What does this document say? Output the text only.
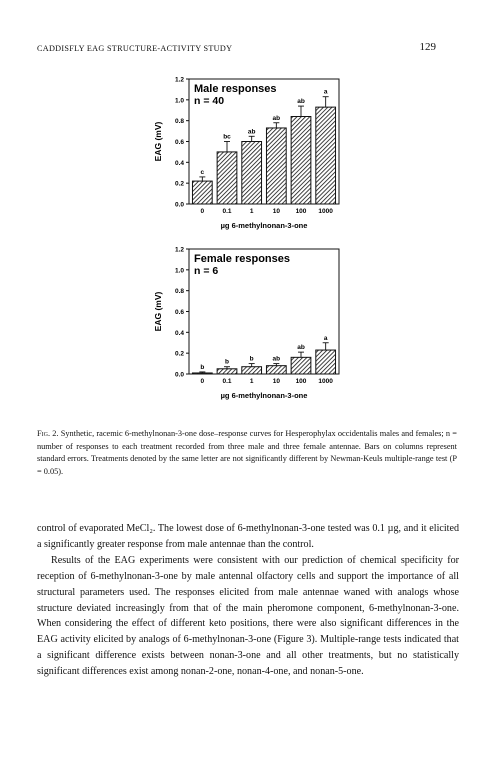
CADDISFLY EAG STRUCTURE-ACTIVITY STUDY	129
0.0
0.2
0.4
0.6
0.8
1.0
1.2
EAG (mV)
c
0
bc
0.1
ab
1
ab
10
ab
100
a
1000
µg 6-methylnonan-3-one
Male responses
n = 40
0.0
0.2
0.4
0.6
0.8
1.0
1.2
EAG (mV)
b
0
b
0.1
b
1
ab
10
ab
100
a
1000
µg 6-methylnonan-3-one
Female responses
n = 6
Fig. 2. Synthetic, racemic 6-methylnonan-3-one dose–response curves for Hesperophylax occidentalis males and females; n = number of responses to each treatment recorded from three male and three female antennae. Bars on columns represent standard errors. Treatments denoted by the same letter are not significantly different by Newman-Keuls multiple-range test (P = 0.05).

control of evaporated MeCl₂. The lowest dose of 6-methylnonan-3-one tested was 0.1 µg, and it elicited a significantly greater response from male antennae than the control.

Results of the EAG experiments were consistent with our prediction of chemical specificity for reception of 6-methylnonan-3-one by male antennal olfactory cells and support the importance of all structural parameters used. The responses elicited from male antennae waned with analogs whose structure deviated increasingly from that of the main pheromone component, 6-methylnonan-3-one. When considering the effect of different keto positions, there were also significant differences in the EAG activity elicited by analogs of 6-methylnonan-3-one (Figure 3). Multiple-range tests indicated that a significant difference exists between nonan-3-one and all other treatments, but no statistically significant differences exist among nonan-2-one, nonan-4-one, and nonan-5-one.
